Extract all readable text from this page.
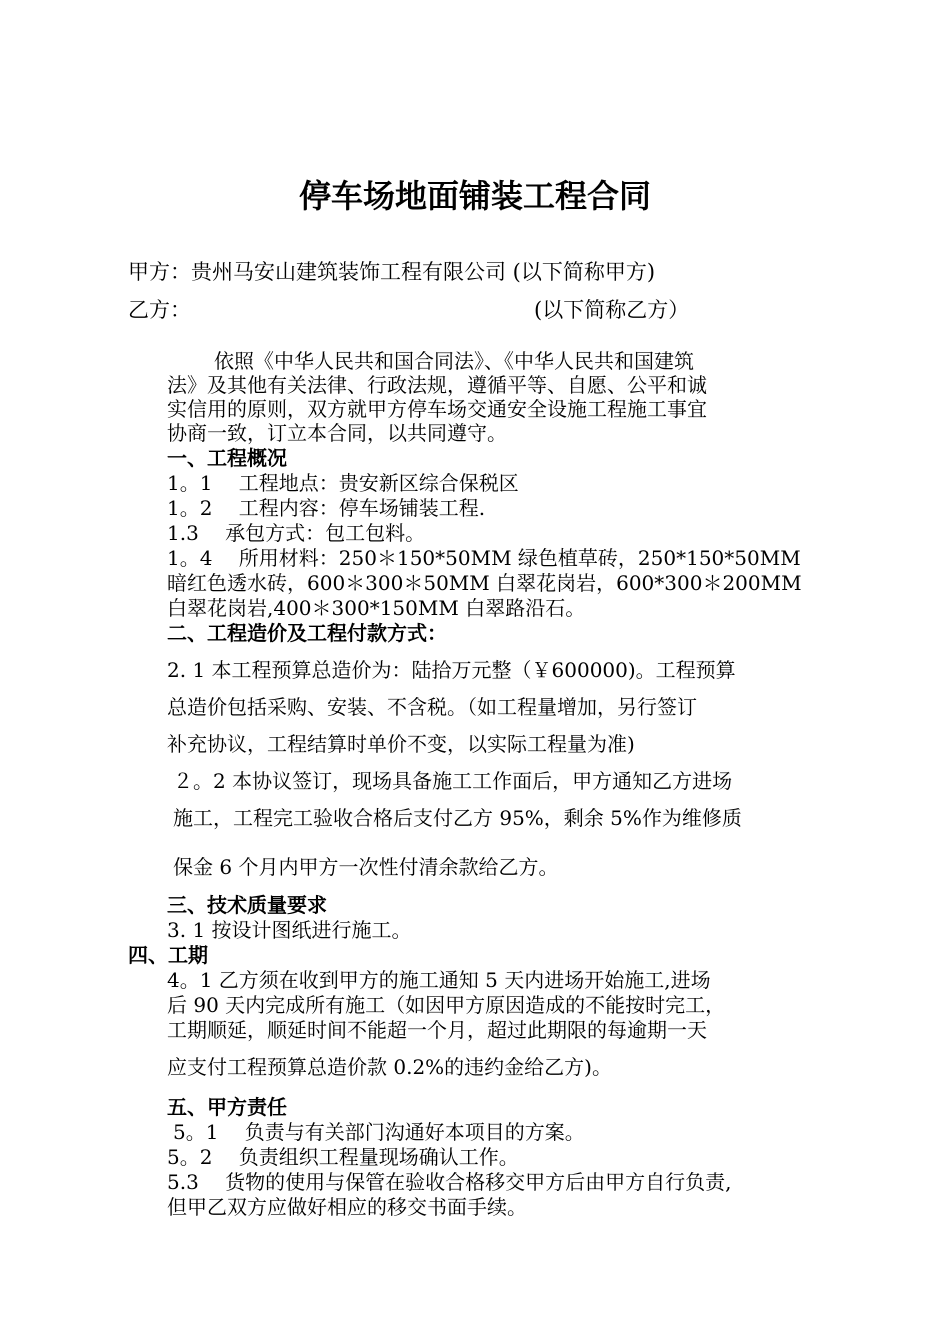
停车场地面铺装工程合同
甲方：贵州马安山建筑装饰工程有限公司 (以下简称甲方)
乙方：	(以下简称乙方）
依照《中华人民共和国合同法》、《中华人民共和国建筑
法》及其他有关法律、行政法规，遵循平等、自愿、公平和诚
实信用的原则，双方就甲方停车场交通安全设施工程施工事宜
协商一致，订立本合同，以共同遵守。
一、工程概况
1。1　 工程地点：贵安新区综合保税区
1。2　 工程内容：停车场铺装工程.
1.3　 承包方式：包工包料。
1。4　 所用材料：250＊150*50MM 绿色植草砖，250*150*50MM
暗红色透水砖，600＊300＊50MM 白翠花岗岩，600*300＊200MM
白翠花岗岩,400＊300*150MM 白翠路沿石。
二、工程造价及工程付款方式：
2. 1 本工程预算总造价为：陆拾万元整（￥600000)。工程预算
总造价包括采购、安装、不含税。（如工程量增加，另行签订
补充协议，工程结算时单价不变，以实际工程量为准)
２。2 本协议签订，现场具备施工工作面后，甲方通知乙方进场
施工，工程完工验收合格后支付乙方 95%，剩余 5%作为维修质
保金 6 个月内甲方一次性付清余款给乙方。
三、技术质量要求
3. 1 按设计图纸进行施工。
四、工期
4。1 乙方须在收到甲方的施工通知 5 天内进场开始施工,进场
后 90 天内完成所有施工（如因甲方原因造成的不能按时完工，
工期顺延，顺延时间不能超一个月，超过此期限的每逾期一天
应支付工程预算总造价款 0.2%的违约金给乙方)。
五、甲方责任
5。1　 负责与有关部门沟通好本项目的方案。
5。2　 负责组织工程量现场确认工作。
5.3　 货物的使用与保管在验收合格移交甲方后由甲方自行负责,
但甲乙双方应做好相应的移交书面手续。
